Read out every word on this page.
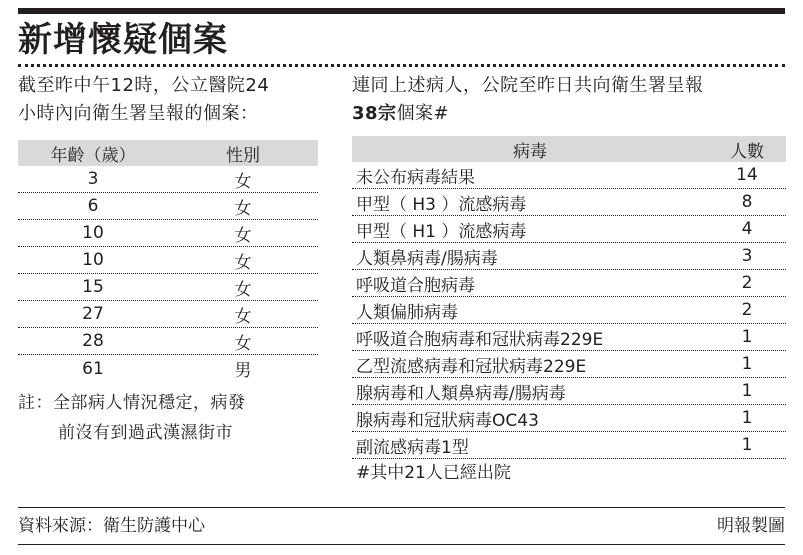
新增懷疑個案
截至昨中午12時，公立醫院24
小時內向衛生署呈報的個案：
年齡（歲）	性別
3	女
6	女
10	女
10	女
15	女
27	女
28	女
61	男
註：全部病人情況穩定，病發
前沒有到過武漢濕街市
連同上述病人，公院至昨日共向衛生署呈報
38宗個案#
病毒	人數
未公布病毒結果	14
甲型（ H3 ）流感病毒	8
甲型（ H1 ）流感病毒	4
人類鼻病毒/腸病毒	3
呼吸道合胞病毒	2
人類偏肺病毒	2
呼吸道合胞病毒和冠狀病毒229E	1
乙型流感病毒和冠狀病毒229E	1
腺病毒和人類鼻病毒/腸病毒	1
腺病毒和冠狀病毒OC43	1
副流感病毒1型	1
#其中21人已經出院
資料來源：衛生防護中心	明報製圖
